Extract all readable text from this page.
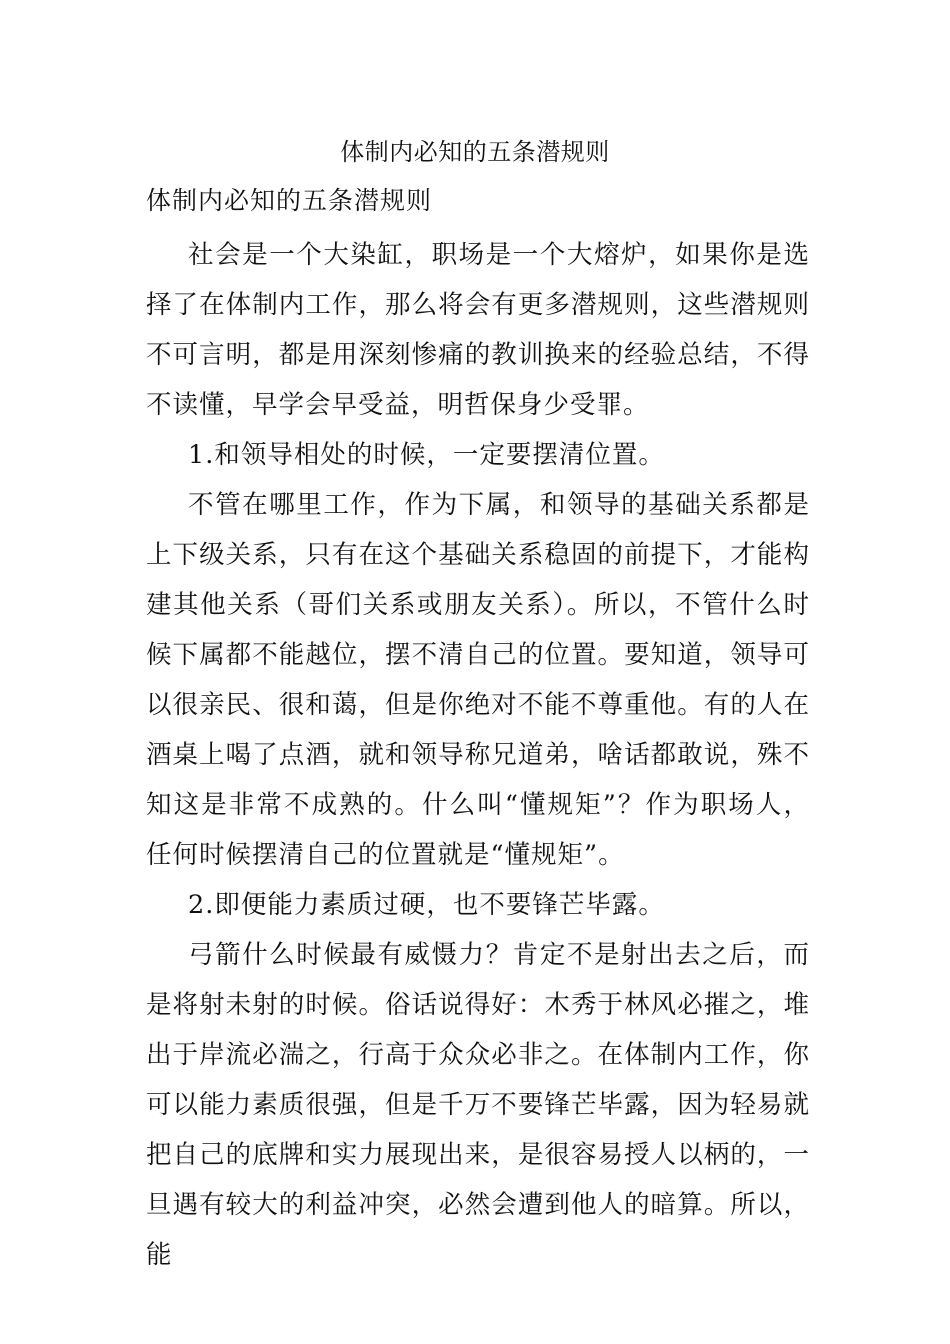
体制内必知的五条潜规则
体制内必知的五条潜规则

社会是一个大染缸，职场是一个大熔炉，如果你是选择了在体制内工作，那么将会有更多潜规则，这些潜规则不可言明，都是用深刻惨痛的教训换来的经验总结，不得不读懂，早学会早受益，明哲保身少受罪。

1.和领导相处的时候，一定要摆清位置。

不管在哪里工作，作为下属，和领导的基础关系都是上下级关系，只有在这个基础关系稳固的前提下，才能构建其他关系（哥们关系或朋友关系）。所以，不管什么时候下属都不能越位，摆不清自己的位置。要知道，领导可以很亲民、很和蔼，但是你绝对不能不尊重他。有的人在酒桌上喝了点酒，就和领导称兄道弟，啥话都敢说，殊不知这是非常不成熟的。什么叫“懂规矩”？作为职场人，任何时候摆清自己的位置就是“懂规矩”。

2.即便能力素质过硬，也不要锋芒毕露。

弓箭什么时候最有威慑力？肯定不是射出去之后，而是将射未射的时候。俗话说得好：木秀于林风必摧之，堆出于岸流必湍之，行高于众众必非之。在体制内工作，你可以能力素质很强，但是千万不要锋芒毕露，因为轻易就把自己的底牌和实力展现出来，是很容易授人以柄的，一旦遇有较大的利益冲突，必然会遭到他人的暗算。所以，能
